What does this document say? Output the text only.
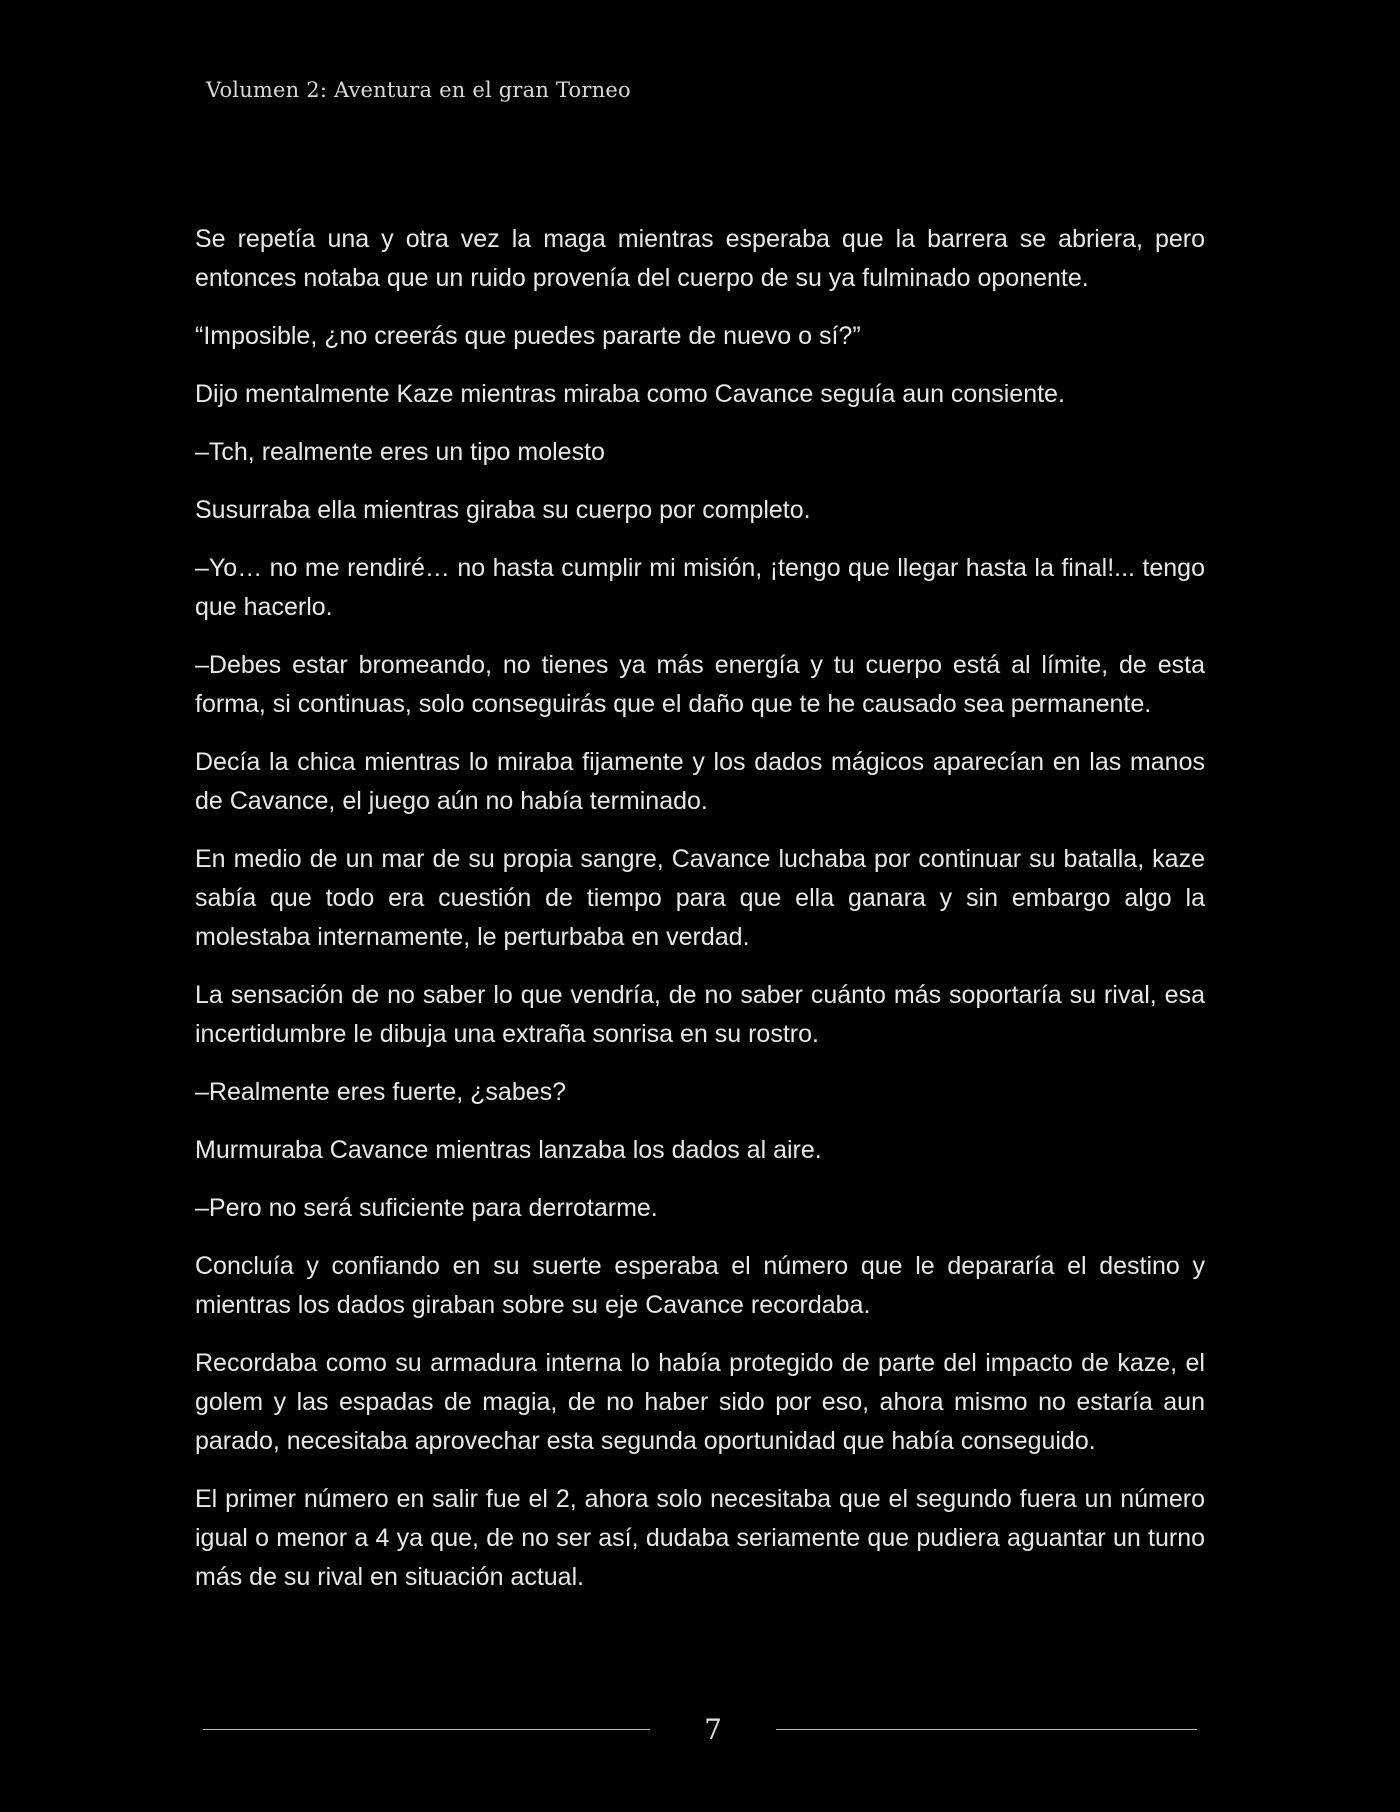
Volumen 2: Aventura en el gran Torneo

Se repetía una y otra vez la maga mientras esperaba que la barrera se abriera, pero entonces notaba que un ruido provenía del cuerpo de su ya fulminado oponente.

“Imposible, ¿no creerás que puedes pararte de nuevo o sí?”

Dijo mentalmente Kaze mientras miraba como Cavance seguía aun consiente.

–Tch, realmente eres un tipo molesto

Susurraba ella mientras giraba su cuerpo por completo.

–Yo… no me rendiré… no hasta cumplir mi misión, ¡tengo que llegar hasta la final!... tengo que hacerlo.

–Debes estar bromeando, no tienes ya más energía y tu cuerpo está al límite, de esta forma, si continuas, solo conseguirás que el daño que te he causado sea permanente.

Decía la chica mientras lo miraba fijamente y los dados mágicos aparecían en las manos de Cavance, el juego aún no había terminado.

En medio de un mar de su propia sangre, Cavance luchaba por continuar su batalla, kaze sabía que todo era cuestión de tiempo para que ella ganara y sin embargo algo la molestaba internamente, le perturbaba en verdad.

La sensación de no saber lo que vendría, de no saber cuánto más soportaría su rival, esa incertidumbre le dibuja una extraña sonrisa en su rostro.

–Realmente eres fuerte, ¿sabes?

Murmuraba Cavance mientras lanzaba los dados al aire.

–Pero no será suficiente para derrotarme.

Concluía y confiando en su suerte esperaba el número que le depararía el destino y mientras los dados giraban sobre su eje Cavance recordaba.

Recordaba como su armadura interna lo había protegido de parte del impacto de kaze, el golem y las espadas de magia, de no haber sido por eso, ahora mismo no estaría aun parado, necesitaba aprovechar esta segunda oportunidad que había conseguido.

El primer número en salir fue el 2, ahora solo necesitaba que el segundo fuera un número igual o menor a 4 ya que, de no ser así, dudaba seriamente que pudiera aguantar un turno más de su rival en situación actual.

7
